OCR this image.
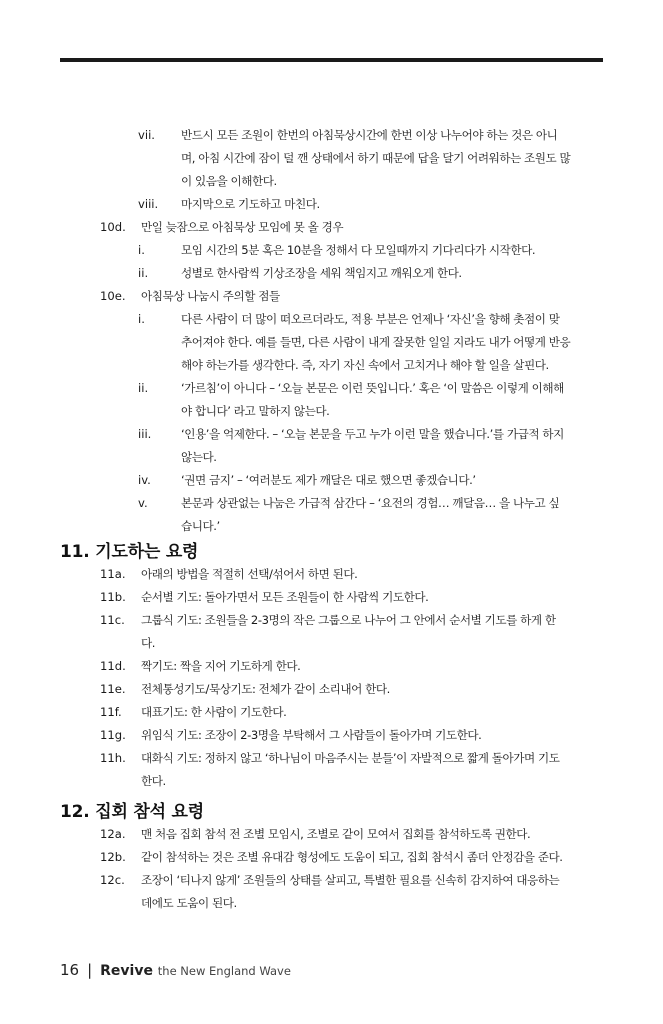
vii. 반드시 모든 조원이 한번의 아침묵상시간에 한번 이상 나누어야 하는 것은 아니
며, 아침 시간에 잠이 덜 깬 상태에서 하기 때문에 답을 달기 어려워하는 조원도 많
이 있음을 이해한다.
viii. 마지막으로 기도하고 마친다.
10d. 만일 늦잠으로 아침묵상 모임에 못 올 경우
i.	모임 시간의 5분 혹은 10분을 정해서 다 모일때까지 기다리다가 시작한다.
ii.	성별로 한사람씩 기상조장을 세워 책임지고 깨워오게 한다.
10e. 아침묵상 나눔시 주의할 점들
i.	다른 사람이 더 많이 떠오르더라도, 적용 부분은 언제나 ‘자신’을 향해 촛점이 맞
추어져야 한다. 예를 들면, 다른 사람이 내게 잘못한 일일 지라도 내가 어떻게 반응
해야 하는가를 생각한다. 즉, 자기 자신 속에서 고치거나 해야 할 일을 살핀다.
ii.	‘가르침’이 아니다 – ‘오늘 본문은 이런 뜻입니다.’ 혹은 ‘이 말씀은 이렇게 이해해
야 합니다’ 라고 말하지 않는다.
iii.	‘인용’을 억제한다. – ‘오늘 본문을 두고 누가 이런 말을 했습니다.’를 가급적 하지
않는다.
iv.	‘권면 금지’ – ‘여러분도 제가 깨달은 대로 했으면 좋겠습니다.’
v.	본문과 상관없는 나눔은 가급적 삼간다 – ‘요전의 경험… 깨달음… 을 나누고 싶
습니다.’
11. 기도하는 요령
11a. 아래의 방법을 적절히 선택/섞어서 하면 된다.
11b. 순서별 기도: 돌아가면서 모든 조원들이 한 사람씩 기도한다.
11c. 그룹식 기도: 조원들을 2-3명의 작은 그룹으로 나누어 그 안에서 순서별 기도를 하게 한
다.
11d. 짝기도: 짝을 지어 기도하게 한다.
11e. 전체통성기도/묵상기도: 전체가 같이 소리내어 한다.
11f. 대표기도: 한 사람이 기도한다.
11g. 위임식 기도: 조장이 2-3명을 부탁해서 그 사람들이 돌아가며 기도한다.
11h. 대화식 기도: 정하지 않고 ‘하나님이 마음주시는 분들’이 자발적으로 짧게 돌아가며 기도
한다.
12. 집회 참석 요령
12a. 맨 처음 집회 참석 전 조별 모임시, 조별로 같이 모여서 집회를 참석하도록 권한다.
12b. 같이 참석하는 것은 조별 유대감 형성에도 도움이 되고, 집회 참석시 좀더 안정감을 준다.
12c. 조장이 ‘티나지 않게’ 조원들의 상태를 살피고, 특별한 필요를 신속히 감지하여 대응하는
데에도 도움이 된다.
16 | Revive the New England Wave
